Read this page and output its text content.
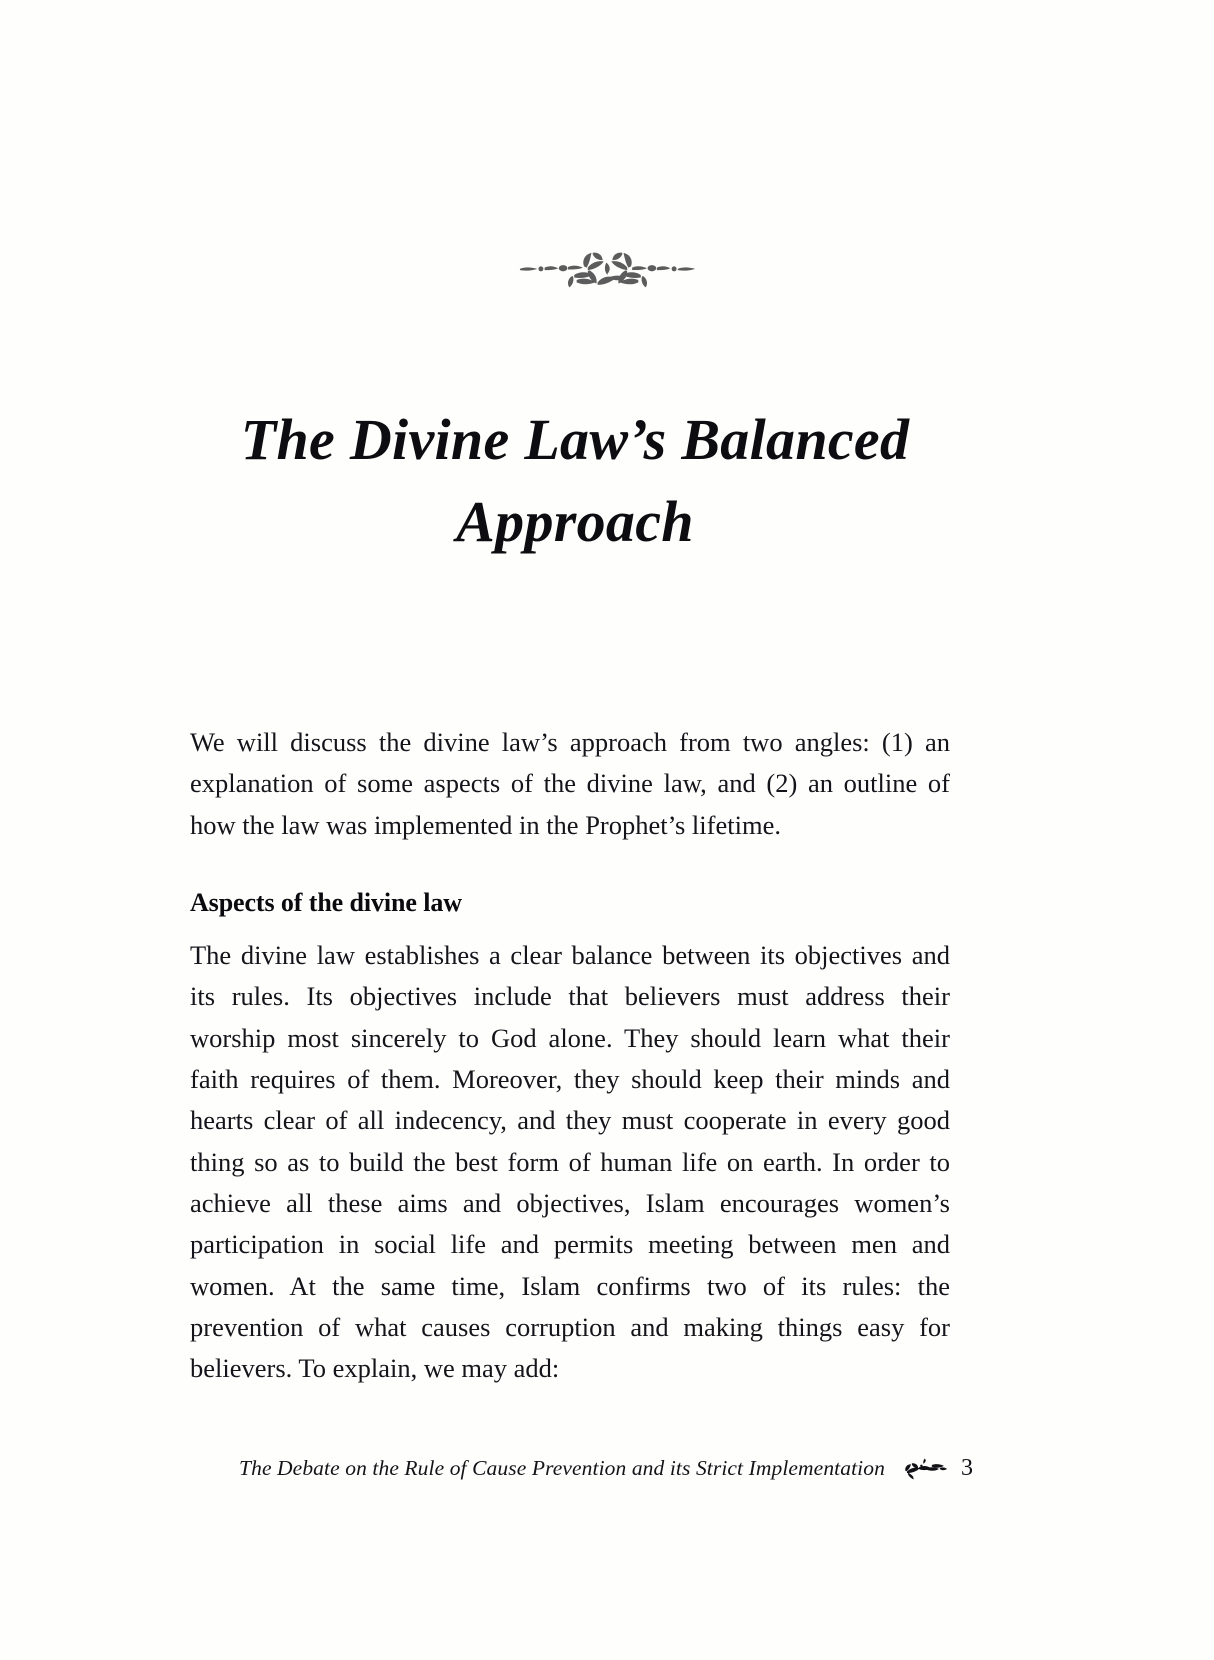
The Divine Law’s Balanced
Approach

We will discuss the divine law’s approach from two angles: (1) an explanation of some aspects of the divine law, and (2) an outline of how the law was implemented in the Prophet’s lifetime.

Aspects of the divine law

The divine law establishes a clear balance between its objectives and its rules. Its objectives include that believers must address their worship most sincerely to God alone. They should learn what their faith requires of them. Moreover, they should keep their minds and hearts clear of all indecency, and they must cooperate in every good thing so as to build the best form of human life on earth. In order to achieve all these aims and objectives, Islam encourages women’s participation in social life and permits meeting between men and women. At the same time, Islam confirms two of its rules: the prevention of what causes corruption and making things easy for believers. To explain, we may add:

The Debate on the Rule of Cause Prevention and its Strict Implementation	3
